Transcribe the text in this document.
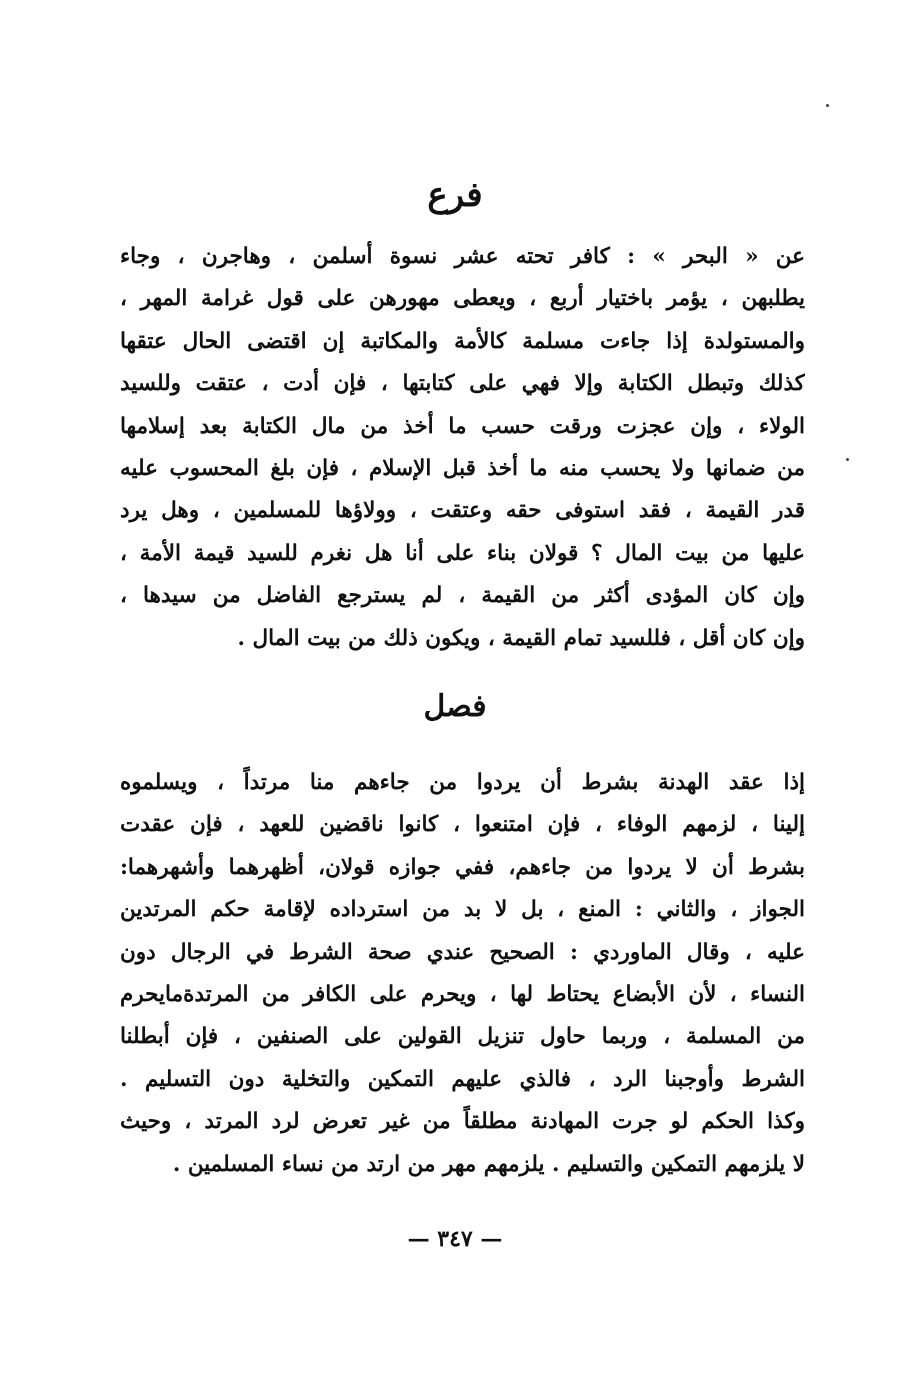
فرع
عن « البحر » : كافر تحته عشر نسوة أسلمن ، وهاجرن ، وجاء
يطلبهن ، يؤمر باختيار أربع ، ويعطى مهورهن على قول غرامة المهر ،
والمستولدة إذا جاءت مسلمة كالأمة والمكاتبة إن اقتضى الحال عتقها
كذلك وتبطل الكتابة وإلا فهي على كتابتها ، فإن أدت ، عتقت وللسيد
الولاء ، وإن عجزت ورقت حسب ما أخذ من مال الكتابة بعد إسلامها
من ضمانها ولا يحسب منه ما أخذ قبل الإسلام ، فإن بلغ المحسوب عليه
قدر القيمة ، فقد استوفى حقه وعتقت ، وولاؤها للمسلمين ، وهل يرد
عليها من بيت المال ؟ قولان بناء على أنا هل نغرم للسيد قيمة الأمة ،
وإن كان المؤدى أكثر من القيمة ، لم يسترجع الفاضل من سيدها ،
وإن كان أقل ، فللسيد تمام القيمة ، ويكون ذلك من بيت المال .
فصل
إذا عقد الهدنة بشرط أن يردوا من جاءهم منا مرتداً ، ويسلموه
إلينا ، لزمهم الوفاء ، فإن امتنعوا ، كانوا ناقضين للعهد ، فإن عقدت
بشرط أن لا يردوا من جاءهم، ففي جوازه قولان، أظهرهما وأشهرهما:
الجواز ، والثاني : المنع ، بل لا بد من استرداده لإقامة حكم المرتدين
عليه ، وقال الماوردي : الصحيح عندي صحة الشرط في الرجال دون
النساء ، لأن الأبضاع يحتاط لها ، ويحرم على الكافر من المرتدةمايحرم
من المسلمة ، وربما حاول تنزيل القولين على الصنفين ، فإن أبطلنا
الشرط وأوجبنا الرد ، فالذي عليهم التمكين والتخلية دون التسليم .
وكذا الحكم لو جرت المهادنة مطلقاً من غير تعرض لرد المرتد ، وحيث
لا يلزمهم التمكين والتسليم . يلزمهم مهر من ارتد من نساء المسلمين .
— ٣٤٧ —
